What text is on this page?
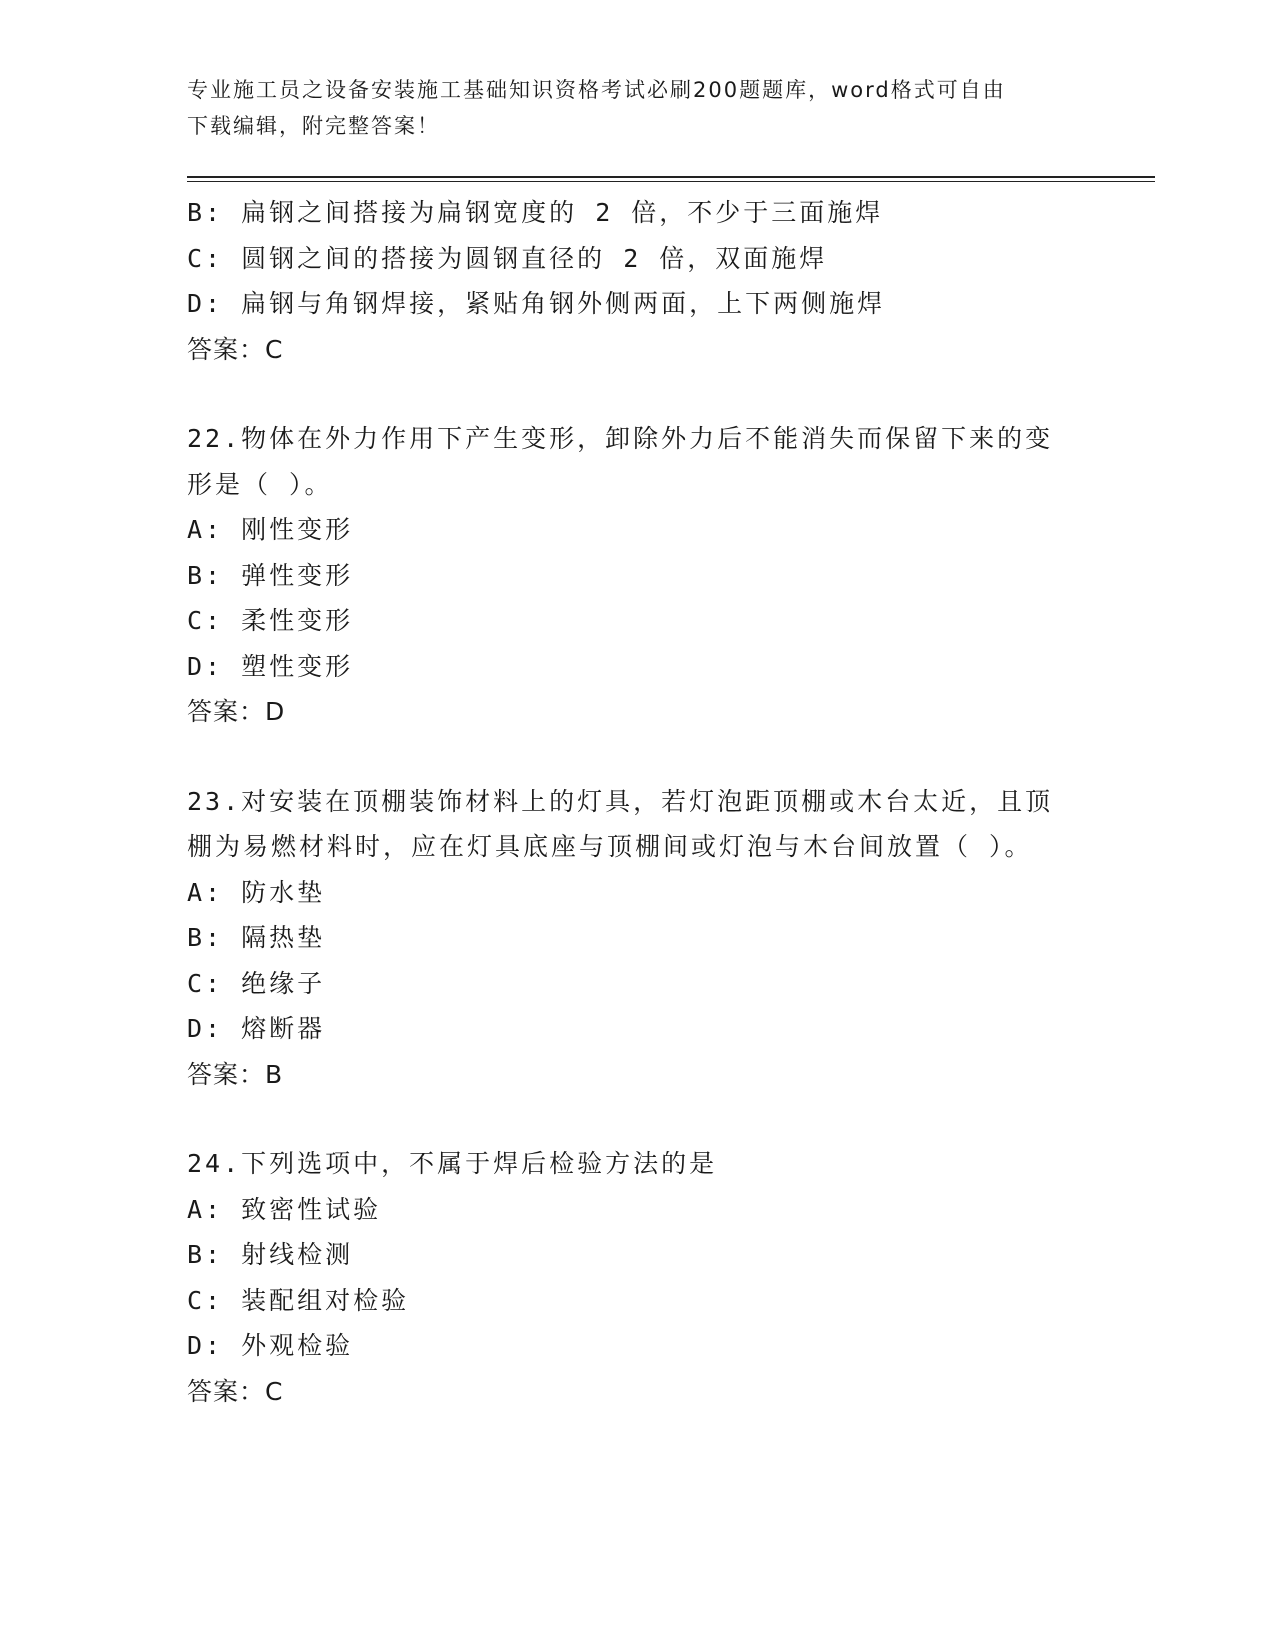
专业施工员之设备安装施工基础知识资格考试必刷200题题库，word格式可自由
下载编辑，附完整答案！
B: 扁钢之间搭接为扁钢宽度的 2 倍，不少于三面施焊
C: 圆钢之间的搭接为圆钢直径的 2 倍，双面施焊
D: 扁钢与角钢焊接，紧贴角钢外侧两面，上下两侧施焊
答案：C
22.物体在外力作用下产生变形，卸除外力后不能消失而保留下来的变
形是（ ）。
A: 刚性变形
B: 弹性变形
C: 柔性变形
D: 塑性变形
答案：D
23.对安装在顶棚装饰材料上的灯具，若灯泡距顶棚或木台太近，且顶
棚为易燃材料时，应在灯具底座与顶棚间或灯泡与木台间放置（ ）。
A: 防水垫
B: 隔热垫
C: 绝缘子
D: 熔断器
答案：B
24.下列选项中，不属于焊后检验方法的是
A: 致密性试验
B: 射线检测
C: 装配组对检验
D: 外观检验
答案：C
